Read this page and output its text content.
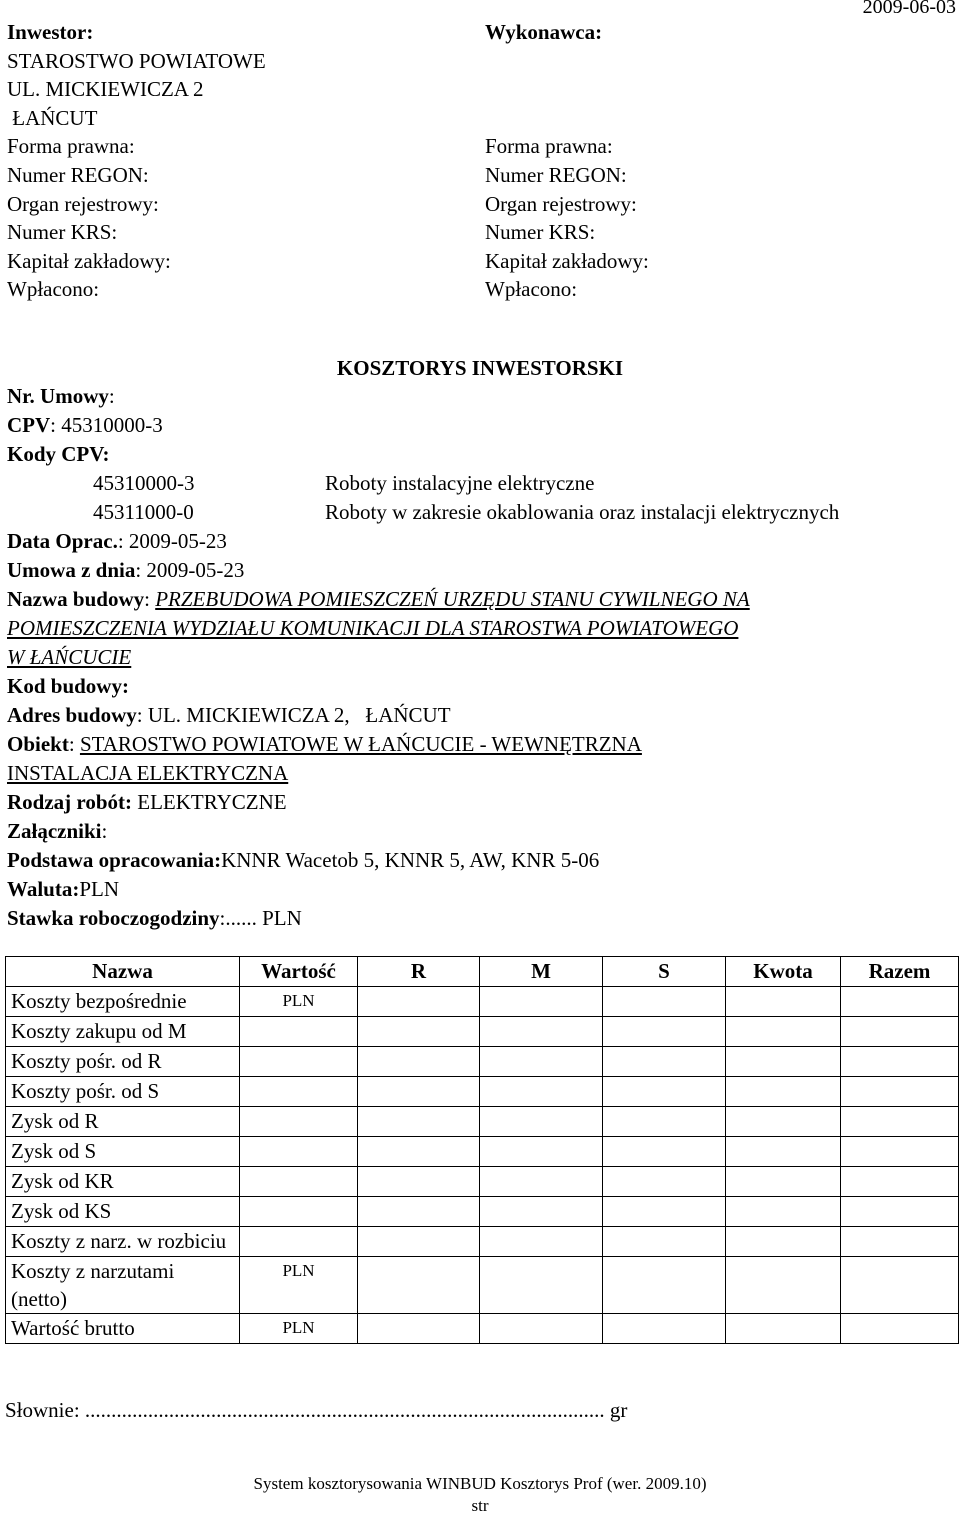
2009-06-03
Inwestor:
STAROSTWO POWIATOWE
UL. MICKIEWICZA 2
ŁAŃCUT
Forma prawna:
Numer REGON:
Organ rejestrowy:
Numer KRS:
Kapitał zakładowy:
Wpłacono:
Wykonawca:
Forma prawna:
Numer REGON:
Organ rejestrowy:
Numer KRS:
Kapitał zakładowy:
Wpłacono:
KOSZTORYS INWESTORSKI
Nr. Umowy:
CPV: 45310000-3
Kody CPV:
45310000-3	Roboty instalacyjne elektryczne
45311000-0	Roboty w zakresie okablowania oraz instalacji elektrycznych
Data Oprac.: 2009-05-23
Umowa z dnia: 2009-05-23
Nazwa budowy: PRZEBUDOWA POMIESZCZEŃ URZĘDU STANU CYWILNEGO NA
POMIESZCZENIA WYDZIAŁU KOMUNIKACJI DLA STAROSTWA POWIATOWEGO
W ŁAŃCUCIE
Kod budowy:
Adres budowy: UL. MICKIEWICZA 2,   ŁAŃCUT
Obiekt: STAROSTWO POWIATOWE W ŁAŃCUCIE - WEWNĘTRZNA
INSTALACJA ELEKTRYCZNA
Rodzaj robót: ELEKTRYCZNE
Załączniki:
Podstawa opracowania:KNNR Wacetob 5, KNNR 5, AW, KNR 5-06
Waluta:PLN
Stawka roboczogodziny:...... PLN
Nazwa	Wartość	R	M	S	Kwota	Razem
Koszty bezpośrednie	PLN					
Koszty zakupu od M						
Koszty pośr. od R						
Koszty pośr. od S						
Zysk od R						
Zysk od S						
Zysk od KR						
Zysk od KS						
Koszty z narz. w rozbiciu						
Koszty z narzutami (netto)	PLN					
Wartość brutto	PLN					
Słownie: ................................................................................................... gr
System kosztorysowania WINBUD Kosztorys Prof (wer. 2009.10)
str
